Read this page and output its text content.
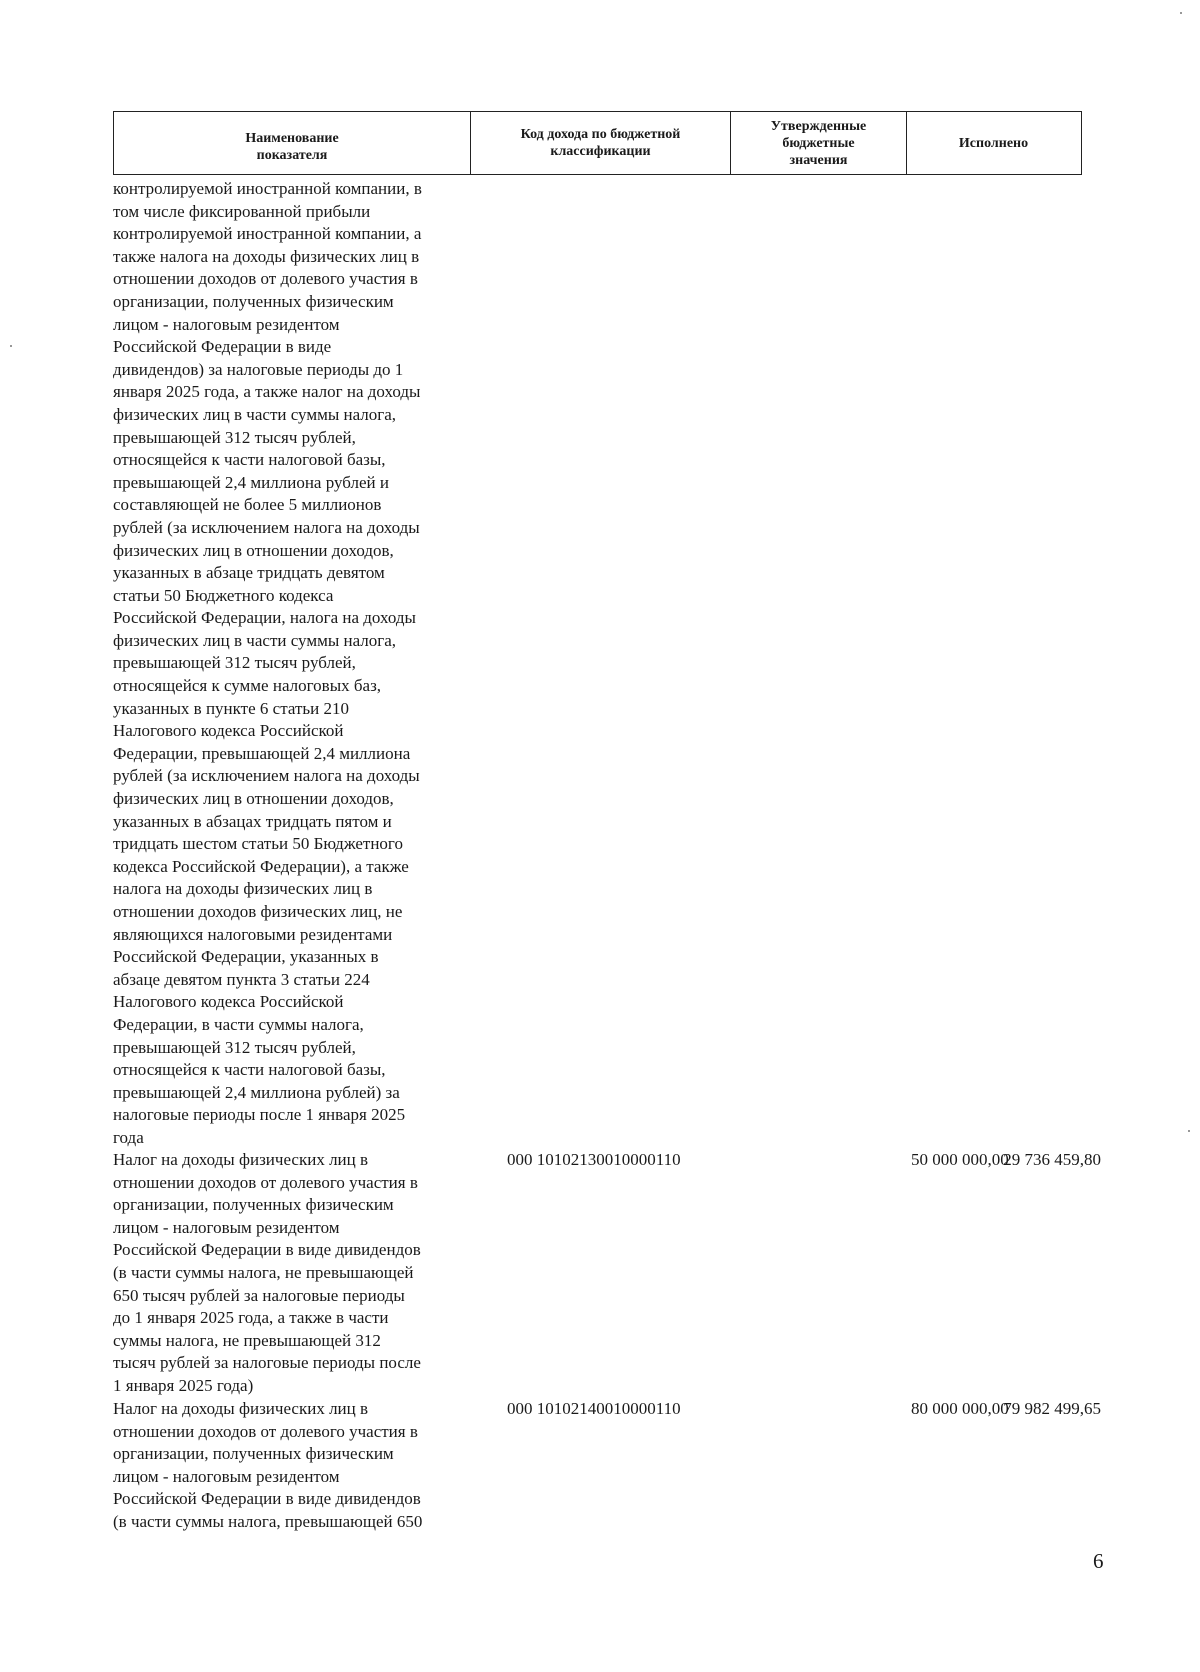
Наименование
показателя
Код дохода по бюджетной
классификации
Утвержденные
бюджетные
значения
Исполнено
контролируемой иностранной компании, в
том числе фиксированной прибыли
контролируемой иностранной компании, а
также налога на доходы физических лиц в
отношении доходов от долевого участия в
организации, полученных физическим
лицом - налоговым резидентом
Российской Федерации в виде
дивидендов) за налоговые периоды до 1
января 2025 года, а также налог на доходы
физических лиц в части суммы налога,
превышающей 312 тысяч рублей,
относящейся к части налоговой базы,
превышающей 2,4 миллиона рублей и
составляющей не более 5 миллионов
рублей (за исключением налога на доходы
физических лиц в отношении доходов,
указанных в абзаце тридцать девятом
статьи 50 Бюджетного кодекса
Российской Федерации, налога на доходы
физических лиц в части суммы налога,
превышающей 312 тысяч рублей,
относящейся к сумме налоговых баз,
указанных в пункте 6 статьи 210
Налогового кодекса Российской
Федерации, превышающей 2,4 миллиона
рублей (за исключением налога на доходы
физических лиц в отношении доходов,
указанных в абзацах тридцать пятом и
тридцать шестом статьи 50 Бюджетного
кодекса Российской Федерации), а также
налога на доходы физических лиц в
отношении доходов физических лиц, не
являющихся налоговыми резидентами
Российской Федерации, указанных в
абзаце девятом пункта 3 статьи 224
Налогового кодекса Российской
Федерации, в части суммы налога,
превышающей 312 тысяч рублей,
относящейся к части налоговой базы,
превышающей 2,4 миллиона рублей) за
налоговые периоды после 1 января 2025
года
Налог на доходы физических лиц в
отношении доходов от долевого участия в
организации, полученных физическим
лицом - налоговым резидентом
Российской Федерации в виде дивидендов
(в части суммы налога, не превышающей
650 тысяч рублей за налоговые периоды
до 1 января 2025 года, а также в части
суммы налога, не превышающей 312
тысяч рублей за налоговые периоды после
1 января 2025 года)
000 10102130010000110	50 000 000,00
29 736 459,80
Налог на доходы физических лиц в
отношении доходов от долевого участия в
организации, полученных физическим
лицом - налоговым резидентом
Российской Федерации в виде дивидендов
(в части суммы налога, превышающей 650
000 10102140010000110	80 000 000,00
79 982 499,65
6
